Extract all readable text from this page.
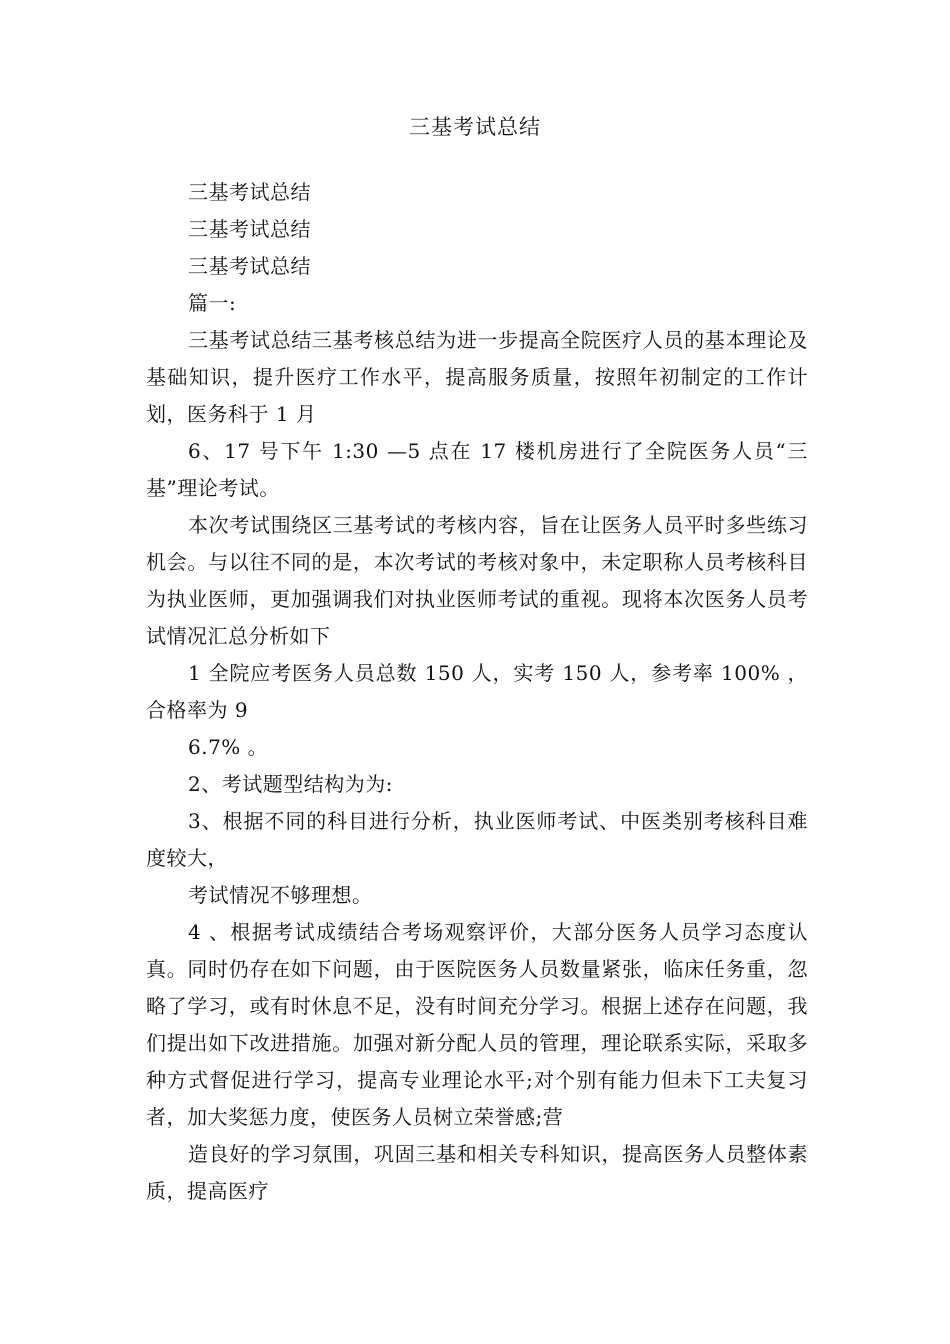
三基考试总结

三基考试总结

三基考试总结

三基考试总结

篇一:

三基考试总结三基考核总结为进一步提高全院医疗人员的基本理论及基础知识，提升医疗工作水平，提高服务质量，按照年初制定的工作计划，医务科于 1 月

6、17 号下午 1:30 —5 点在 17 楼机房进行了全院医务人员“三基”理论考试。

本次考试围绕区三基考试的考核内容，旨在让医务人员平时多些练习机会。与以往不同的是，本次考试的考核对象中，未定职称人员考核科目为执业医师，更加强调我们对执业医师考试的重视。现将本次医务人员考试情况汇总分析如下

1 全院应考医务人员总数 150 人，实考 150 人，参考率 100% ，合格率为 9

6.7% 。

2、考试题型结构为为:

3、根据不同的科目进行分析，执业医师考试、中医类别考核科目难度较大，

考试情况不够理想。

4 、根据考试成绩结合考场观察评价，大部分医务人员学习态度认真。同时仍存在如下问题，由于医院医务人员数量紧张，临床任务重，忽略了学习，或有时休息不足，没有时间充分学习。根据上述存在问题，我们提出如下改进措施。加强对新分配人员的管理，理论联系实际，采取多种方式督促进行学习，提高专业理论水平;对个别有能力但未下工夫复习者，加大奖惩力度，使医务人员树立荣誉感;营

造良好的学习氛围，巩固三基和相关专科知识，提高医务人员整体素质，提高医疗
